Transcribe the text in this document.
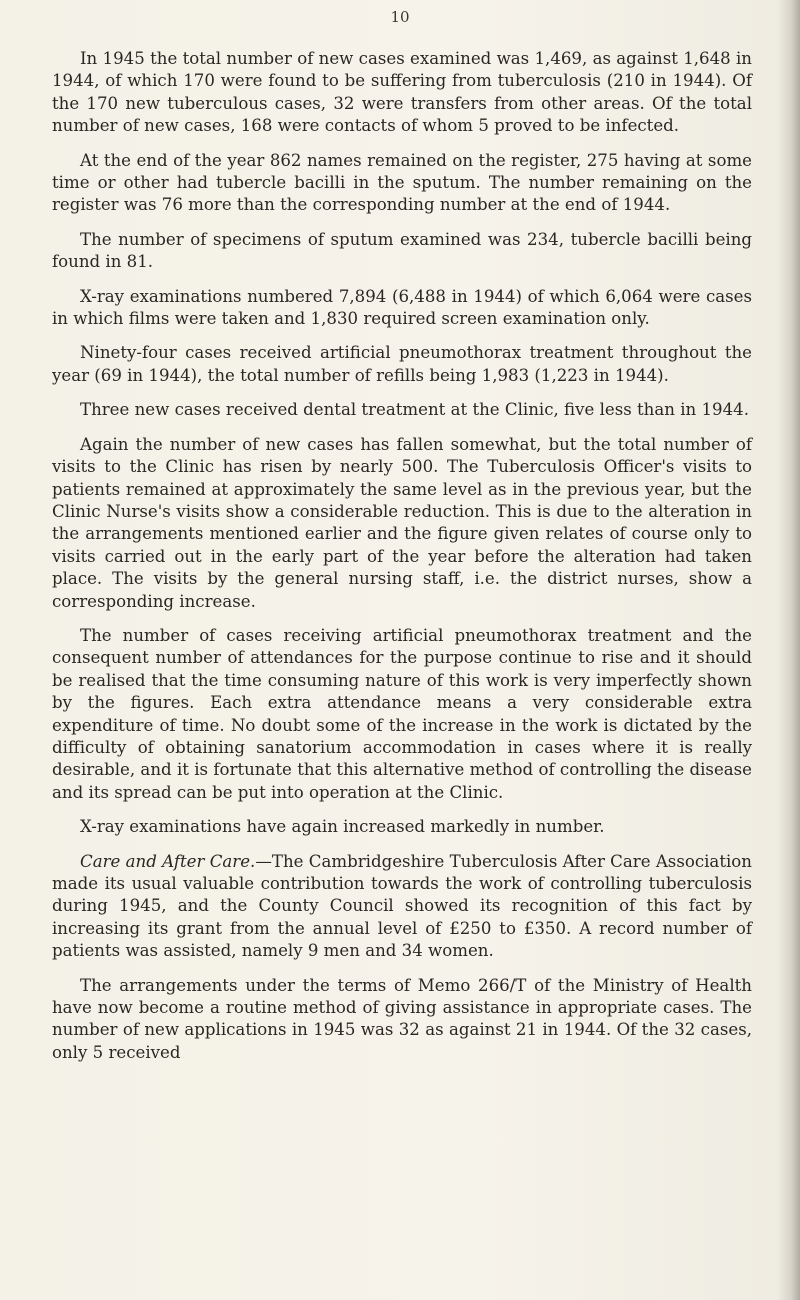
10

In 1945 the total number of new cases examined was 1,469, as against 1,648 in 1944, of which 170 were found to be suffering from tuberculosis (210 in 1944). Of the 170 new tuberculous cases, 32 were transfers from other areas. Of the total number of new cases, 168 were contacts of whom 5 proved to be infected.

At the end of the year 862 names remained on the register, 275 having at some time or other had tubercle bacilli in the sputum. The number remaining on the register was 76 more than the corresponding number at the end of 1944.

The number of specimens of sputum examined was 234, tubercle bacilli being found in 81.

X-ray examinations numbered 7,894 (6,488 in 1944) of which 6,064 were cases in which films were taken and 1,830 required screen examination only.

Ninety-four cases received artificial pneumothorax treatment throughout the year (69 in 1944), the total number of refills being 1,983 (1,223 in 1944).

Three new cases received dental treatment at the Clinic, five less than in 1944.

Again the number of new cases has fallen somewhat, but the total number of visits to the Clinic has risen by nearly 500. The Tuberculosis Officer's visits to patients remained at approximately the same level as in the previous year, but the Clinic Nurse's visits show a considerable reduction. This is due to the alteration in the arrangements mentioned earlier and the figure given relates of course only to visits carried out in the early part of the year before the alteration had taken place. The visits by the general nursing staff, i.e. the district nurses, show a corresponding increase.

The number of cases receiving artificial pneumothorax treatment and the consequent number of attendances for the purpose continue to rise and it should be realised that the time consuming nature of this work is very imperfectly shown by the figures. Each extra attendance means a very considerable extra expenditure of time. No doubt some of the increase in the work is dictated by the difficulty of obtaining sanatorium accommodation in cases where it is really desirable, and it is fortunate that this alternative method of controlling the disease and its spread can be put into operation at the Clinic.

X-ray examinations have again increased markedly in number.

Care and After Care.—The Cambridgeshire Tuberculosis After Care Association made its usual valuable contribution towards the work of controlling tuberculosis during 1945, and the County Council showed its recognition of this fact by increasing its grant from the annual level of £250 to £350. A record number of patients was assisted, namely 9 men and 34 women.

The arrangements under the terms of Memo 266/T of the Ministry of Health have now become a routine method of giving assistance in appropriate cases. The number of new applications in 1945 was 32 as against 21 in 1944. Of the 32 cases, only 5 received
